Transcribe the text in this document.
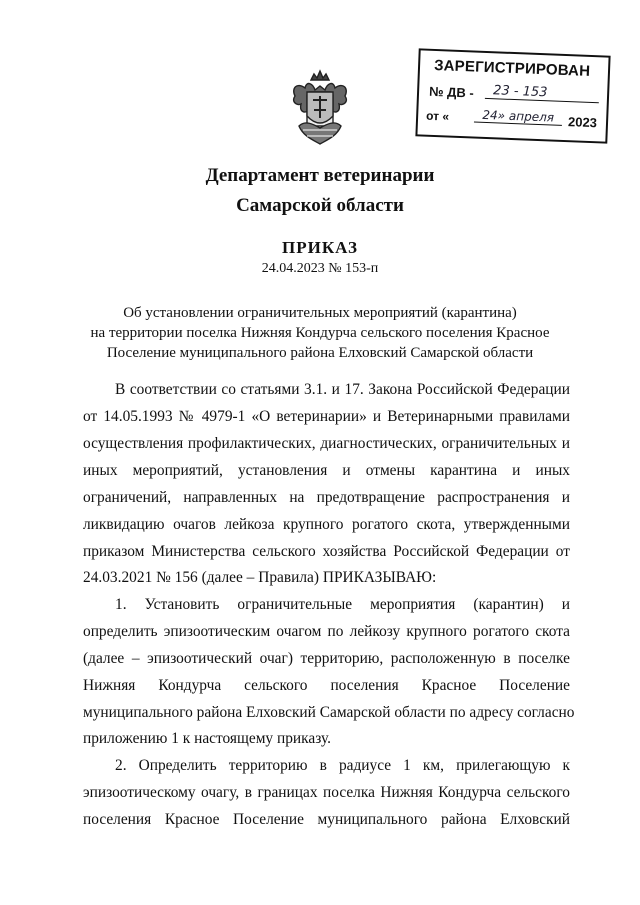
ЗАРЕГИСТРИРОВАН
№ ДВ -	23 - 153
от «	24» апреля	2023
Департамент ветеринарии
Самарской области
ПРИКАЗ
24.04.2023 № 153-п
Об установлении ограничительных мероприятий (карантина)
на территории поселка Нижняя Кондурча сельского поселения Красное
Поселение муниципального района Елховский Самарской области
В соответствии со статьями 3.1. и 17. Закона Российской Федерации
от 14.05.1993 № 4979-1 «О ветеринарии» и Ветеринарными правилами
осуществления профилактических, диагностических, ограничительных и
иных мероприятий, установления и отмены карантина и иных
ограничений, направленных на предотвращение распространения и
ликвидацию очагов лейкоза крупного рогатого скота, утвержденными
приказом Министерства сельского хозяйства Российской Федерации от
24.03.2021 № 156 (далее – Правила) ПРИКАЗЫВАЮ:
1. Установить ограничительные мероприятия (карантин) и
определить эпизоотическим очагом по лейкозу крупного рогатого скота
(далее – эпизоотический очаг) территорию, расположенную в поселке
Нижняя Кондурча сельского поселения Красное Поселение
муниципального района Елховский Самарской области по адресу согласно
приложению 1 к настоящему приказу.
2. Определить территорию в радиусе 1 км, прилегающую к
эпизоотическому очагу, в границах поселка Нижняя Кондурча сельского
поселения Красное Поселение муниципального района Елховский
